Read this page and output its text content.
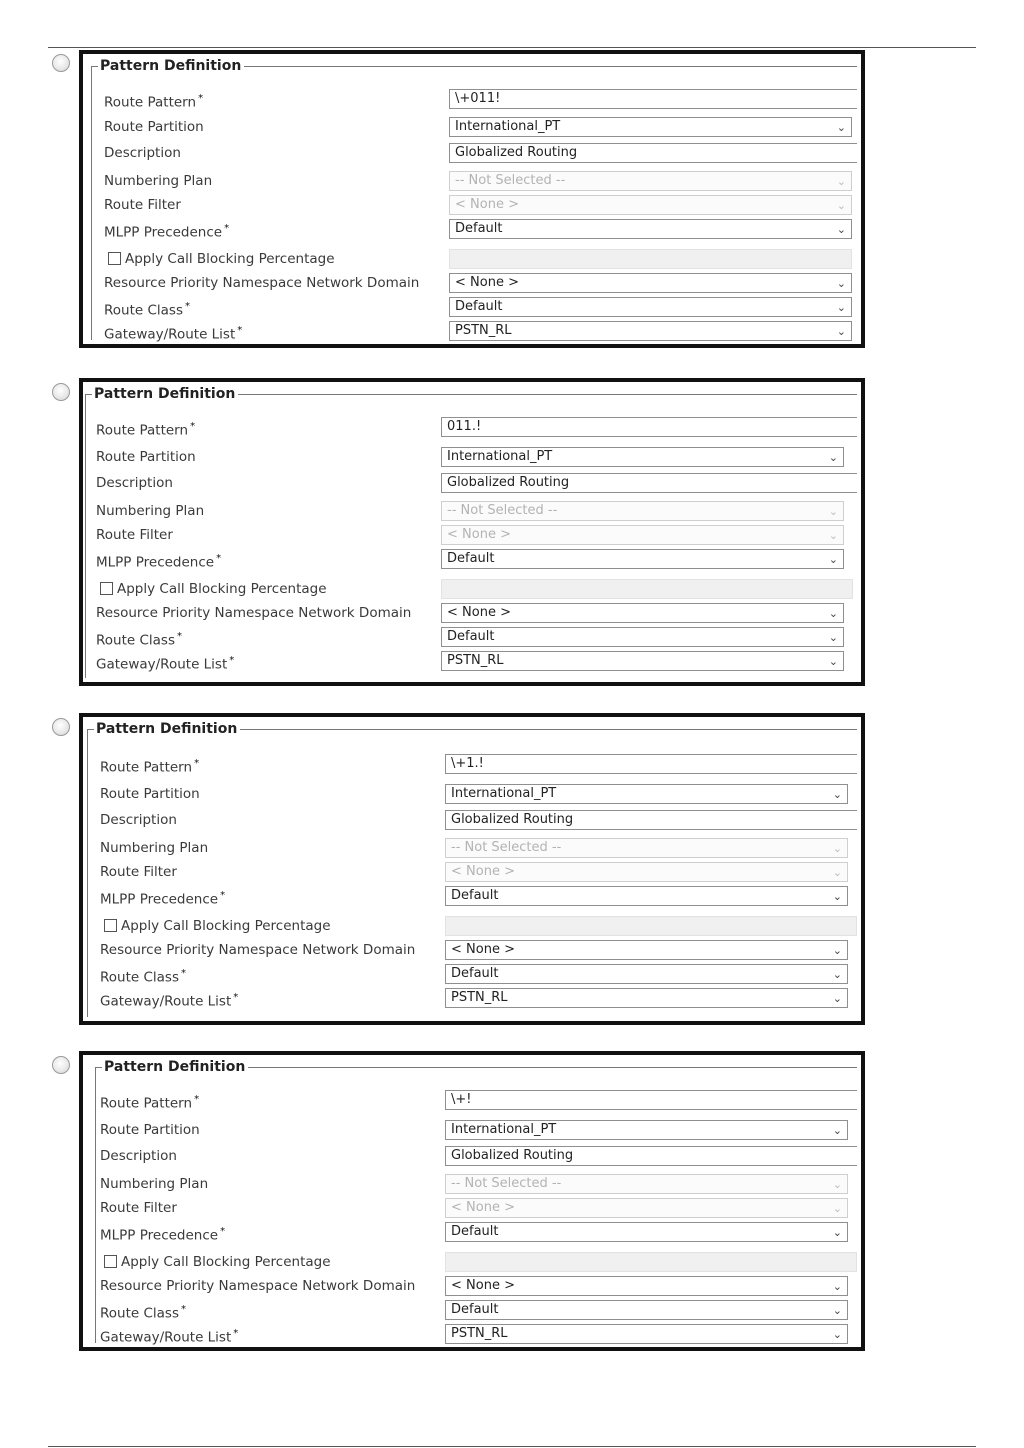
Pattern Definition
Route Pattern *	\+011!
Route Partition	International_PT	⌄
Description	Globalized Routing
Numbering Plan	-- Not Selected --	⌄
Route Filter	< None >	⌄
MLPP Precedence *	Default	⌄
Apply Call Blocking Percentage
Resource Priority Namespace Network Domain	< None >	⌄
Route Class *	Default	⌄
Gateway/Route List *	PSTN_RL	⌄
Pattern Definition
Route Pattern *	011.!
Route Partition	International_PT	⌄
Description	Globalized Routing
Numbering Plan	-- Not Selected --	⌄
Route Filter	< None >	⌄
MLPP Precedence *	Default	⌄
Apply Call Blocking Percentage
Resource Priority Namespace Network Domain	< None >	⌄
Route Class *	Default	⌄
Gateway/Route List *	PSTN_RL	⌄
Pattern Definition
Route Pattern *	\+1.!
Route Partition	International_PT	⌄
Description	Globalized Routing
Numbering Plan	-- Not Selected --	⌄
Route Filter	< None >	⌄
MLPP Precedence *	Default	⌄
Apply Call Blocking Percentage
Resource Priority Namespace Network Domain	< None >	⌄
Route Class *	Default	⌄
Gateway/Route List *	PSTN_RL	⌄
Pattern Definition
Route Pattern *	\+!
Route Partition	International_PT	⌄
Description	Globalized Routing
Numbering Plan	-- Not Selected --	⌄
Route Filter	< None >	⌄
MLPP Precedence *	Default	⌄
Apply Call Blocking Percentage
Resource Priority Namespace Network Domain	< None >	⌄
Route Class *	Default	⌄
Gateway/Route List *	PSTN_RL	⌄
